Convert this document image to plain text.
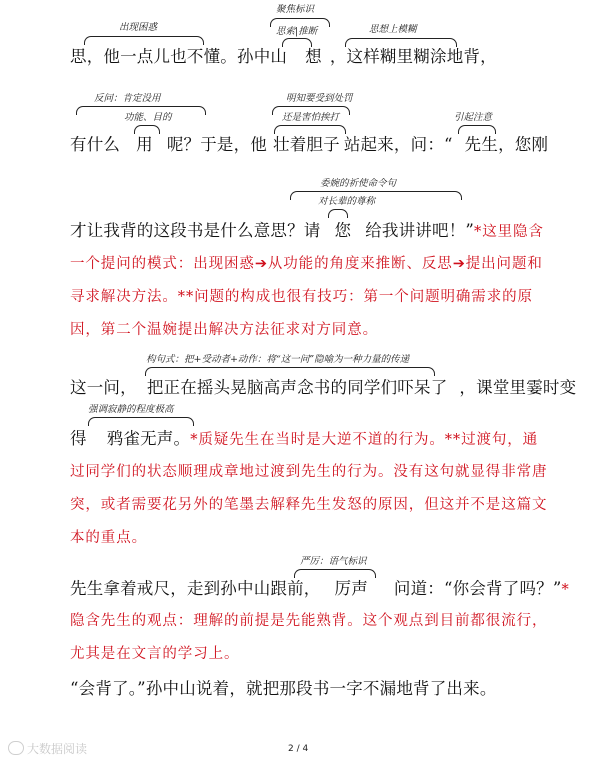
出现困惑
聚焦标识
思索|推断	思想上模糊
思，他一点儿也不懂。孙中山 想 ，这样糊里糊涂地背，
反问：肯定没用
功能、目的
明知要受到处罚
还是害怕挨打	引起注意
有什么 用 呢？于是，他 壮着胆子 站起来，问：“ 先生，您刚
委婉的祈使命令句
对长辈的尊称
才让我背的这段书是什么意思？请 您 给我讲讲吧！”*这里隐含
一个提问的模式：出现困惑➔从功能的角度来推断、反思➔提出问题和
寻求解决方法。**问题的构成也很有技巧：第一个问题明确需求的原
因，第二个温婉提出解决方法征求对方同意。
构句式：把+受动者+动作：将“这一问”隐喻为一种力量的传递
这一问， 把正在摇头晃脑高声念书的同学们吓呆了 ，课堂里霎时变
强调寂静的程度极高
得 鸦雀无声。*质疑先生在当时是大逆不道的行为。**过渡句，通
过同学们的状态顺理成章地过渡到先生的行为。没有这句就显得非常唐
突，或者需要花另外的笔墨去解释先生发怒的原因，但这并不是这篇文
本的重点。
严厉：语气标识
先生拿着戒尺，走到孙中山跟前， 厉声 问道：“你会背了吗？”*
隐含先生的观点：理解的前提是先能熟背。这个观点到目前都很流行，
尤其是在文言的学习上。
“会背了。”孙中山说着，就把那段书一字不漏地背了出来。
2 / 4
大数据阅读
